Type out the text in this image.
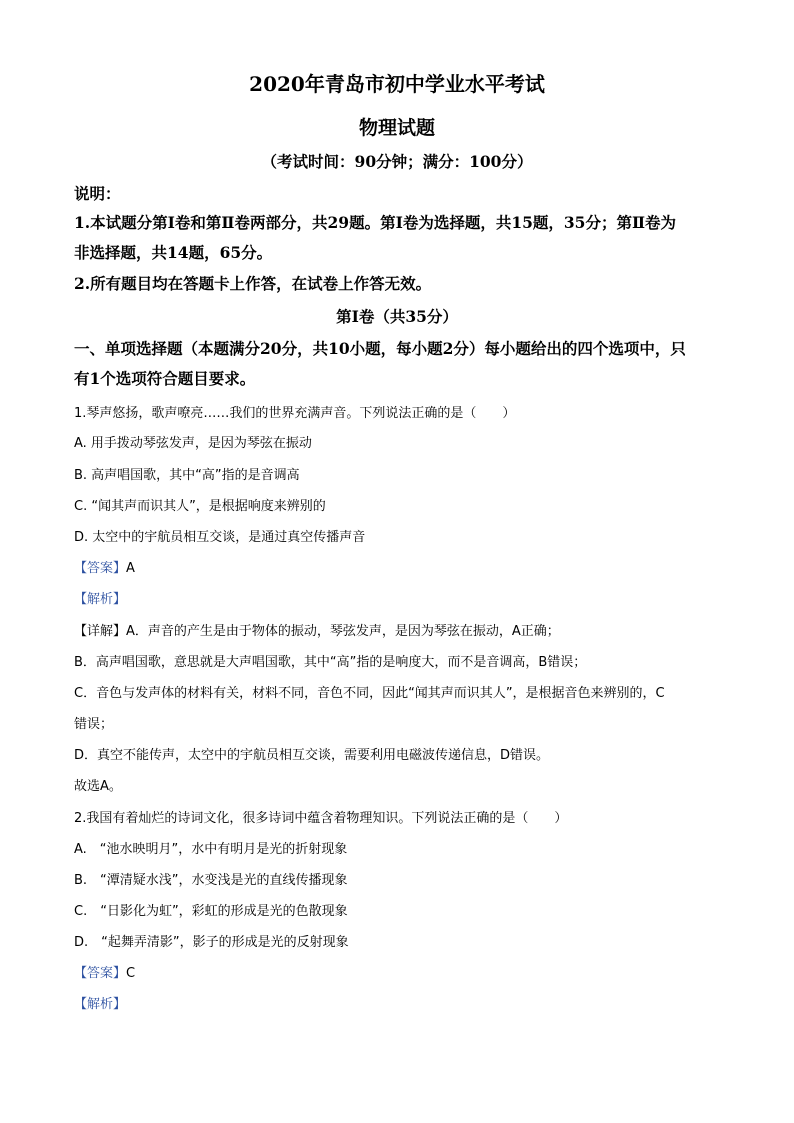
2020年青岛市初中学业水平考试
物理试题
（考试时间：90分钟；满分：100分）
说明：
1.本试题分第Ⅰ卷和第Ⅱ卷两部分，共29题。第Ⅰ卷为选择题，共15题，35分；第Ⅱ卷为
非选择题，共14题，65分。
2.所有题目均在答题卡上作答，在试卷上作答无效。
第Ⅰ卷（共35分）
一、单项选择题（本题满分20分，共10小题，每小题2分）每小题给出的四个选项中，只
有1个选项符合题目要求。
1.琴声悠扬，歌声嘹亮……我们的世界充满声音。下列说法正确的是（　　）
A. 用手拨动琴弦发声，是因为琴弦在振动
B. 高声唱国歌，其中“高”指的是音调高
C. “闻其声而识其人”，是根据响度来辨别的
D. 太空中的宇航员相互交谈，是通过真空传播声音
【答案】A
【解析】
【详解】A．声音的产生是由于物体的振动，琴弦发声，是因为琴弦在振动，A正确；
B．高声唱国歌，意思就是大声唱国歌，其中“高”指的是响度大，而不是音调高，B错误；
C．音色与发声体的材料有关，材料不同，音色不同，因此“闻其声而识其人”，是根据音色来辨别的，C
错误；
D．真空不能传声，太空中的宇航员相互交谈，需要利用电磁波传递信息，D错误。
故选A。
2.我国有着灿烂的诗词文化，很多诗词中蕴含着物理知识。下列说法正确的是（　　）
A.　“池水映明月”，水中有明月是光的折射现象
B.　“潭清疑水浅”，水变浅是光的直线传播现象
C.　“日影化为虹”，彩虹的形成是光的色散现象
D.　“起舞弄清影”，影子的形成是光的反射现象
【答案】C
【解析】
